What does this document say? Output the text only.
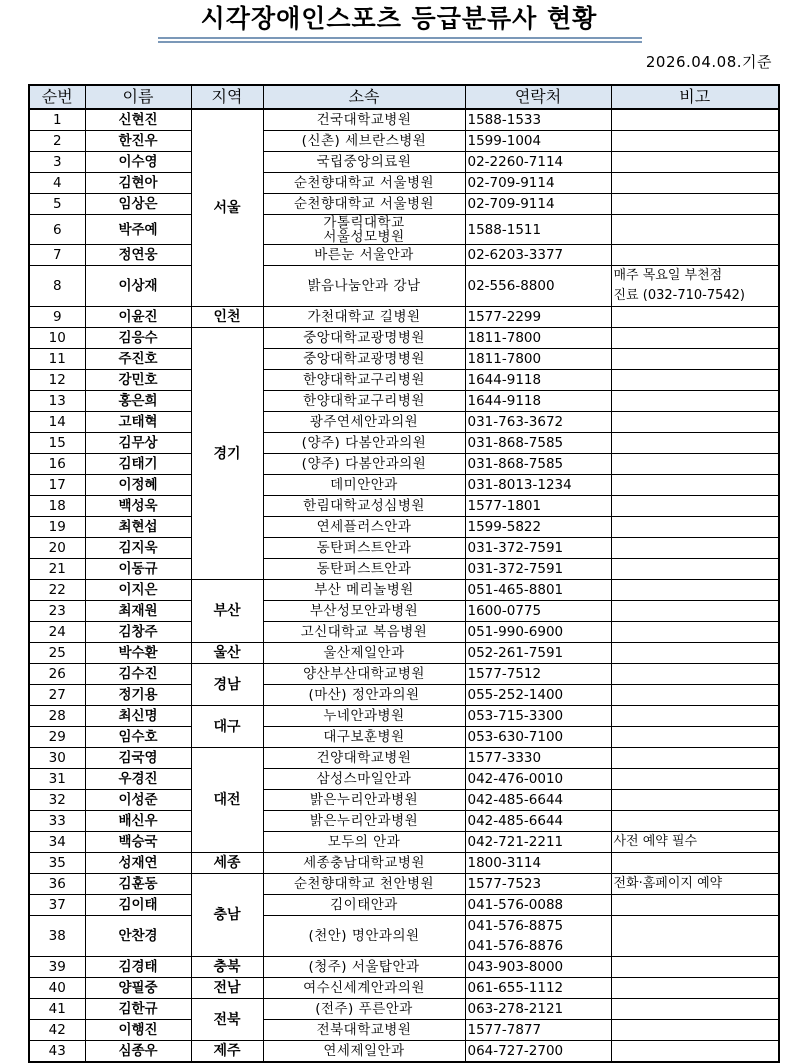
시각장애인스포츠 등급분류사 현황
2026.04.08.기준
순번	이름	지역	소속	연락처	비고
1	신현진	서울	건국대학교병원	1588-1533	

2	한진우		(신촌) 세브란스병원	1599-1004	

3	이수영		국립중앙의료원	02-2260-7114	

4	김현아		순천향대학교 서울병원	02-709-9114	

5	임상은		순천향대학교 서울병원	02-709-9114	

6	박주예		가톨릭대학교
서울성모병원	1588-1511	

7	정연웅		바른눈 서울안과	02-6203-3377	

8	이상재		밝음나눔안과 강남	02-556-8800	매주 목요일 부천점
진료 (032-710-7542)

9	이윤진	인천	가천대학교 길병원	1577-2299	

10	김응수	경기	중앙대학교광명병원	1811-7800	

11	주진호		중앙대학교광명병원	1811-7800	

12	강민호		한양대학교구리병원	1644-9118	

13	홍은희		한양대학교구리병원	1644-9118	

14	고태혁		광주연세안과의원	031-763-3672	

15	김무상		(양주) 다봄안과의원	031-868-7585	

16	김태기		(양주) 다봄안과의원	031-868-7585	

17	이정혜		데미안안과	031-8013-1234	

18	백성욱		한림대학교성심병원	1577-1801	

19	최현섭		연세플러스안과	1599-5822	

20	김지욱		동탄퍼스트안과	031-372-7591	

21	이동규		동탄퍼스트안과	031-372-7591	

22	이지은	부산	부산 메리놀병원	051-465-8801	

23	최재원		부산성모안과병원	1600-0775	

24	김창주		고신대학교 복음병원	051-990-6900	

25	박수환	울산	울산제일안과	052-261-7591	

26	김수진	경남	양산부산대학교병원	1577-7512	

27	정기용		(마산) 정안과의원	055-252-1400	

28	최신명	대구	누네안과병원	053-715-3300	

29	임수호		대구보훈병원	053-630-7100	

30	김국영	대전	건양대학교병원	1577-3330	

31	우경진		삼성스마일안과	042-476-0010	

32	이성준		밝은누리안과병원	042-485-6644	

33	배신우		밝은누리안과병원	042-485-6644	

34	백승국		모두의 안과	042-721-2211	사전 예약 필수

35	성재연	세종	세종충남대학교병원	1800-3114	

36	김훈동	충남	순천향대학교 천안병원	1577-7523	전화·홈페이지 예약

37	김이태		김이태안과	041-576-0088	

38	안찬경		(천안) 명안과의원	041-576-8875
041-576-8876	

39	김경태	충북	(청주) 서울탑안과	043-903-8000	

40	양필중	전남	여수신세계안과의원	061-655-1112	

41	김한규	전북	(전주) 푸른안과	063-278-2121	

42	이행진		전북대학교병원	1577-7877	

43	심종우	제주	연세제일안과	064-727-2700	
